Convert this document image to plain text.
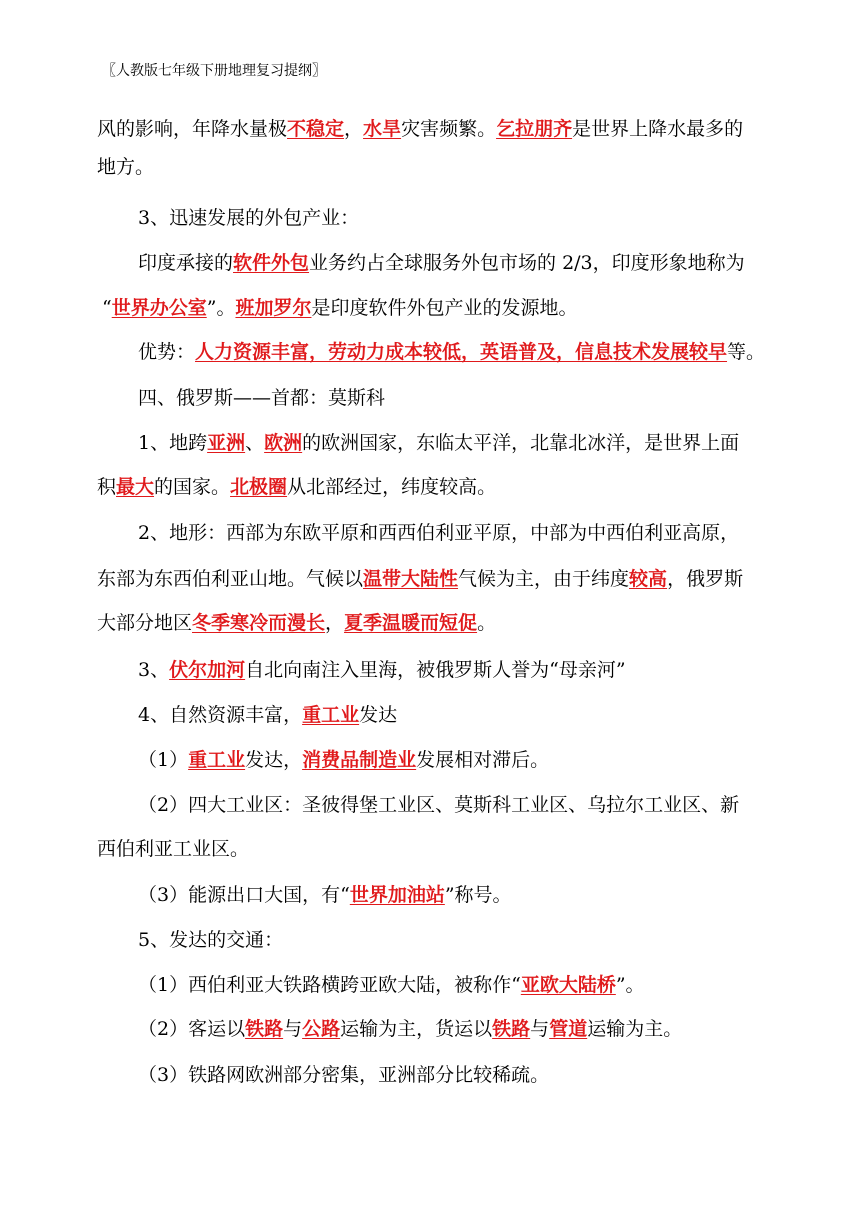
〖人教版七年级下册地理复习提纲〗
风的影响，年降水量极不稳定，水旱灾害频繁。乞拉朋齐是世界上降水最多的
地方。
3、迅速发展的外包产业：
印度承接的软件外包业务约占全球服务外包市场的 2/3，印度形象地称为
“世界办公室”。班加罗尔是印度软件外包产业的发源地。
优势：人力资源丰富，劳动力成本较低，英语普及，信息技术发展较早等。
四、俄罗斯——首都：莫斯科
1、地跨亚洲、欧洲的欧洲国家，东临太平洋，北靠北冰洋，是世界上面
积最大的国家。北极圈从北部经过，纬度较高。
2、地形：西部为东欧平原和西西伯利亚平原，中部为中西伯利亚高原，
东部为东西伯利亚山地。气候以温带大陆性气候为主，由于纬度较高，俄罗斯
大部分地区冬季寒冷而漫长，夏季温暖而短促。
3、伏尔加河自北向南注入里海，被俄罗斯人誉为“母亲河”
4、自然资源丰富，重工业发达
（1）重工业发达，消费品制造业发展相对滞后。
（2）四大工业区：圣彼得堡工业区、莫斯科工业区、乌拉尔工业区、新
西伯利亚工业区。
（3）能源出口大国，有“世界加油站”称号。
5、发达的交通：
（1）西伯利亚大铁路横跨亚欧大陆，被称作“亚欧大陆桥”。
（2）客运以铁路与公路运输为主，货运以铁路与管道运输为主。
（3）铁路网欧洲部分密集，亚洲部分比较稀疏。
